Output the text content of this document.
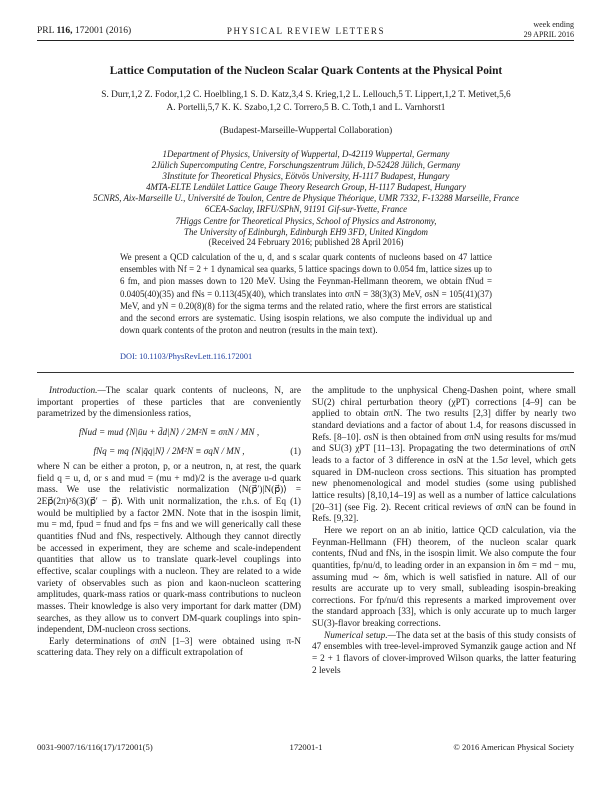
PRL 116, 172001 (2016)	PHYSICAL REVIEW LETTERS
week ending
29 APRIL 2016
Lattice Computation of the Nucleon Scalar Quark Contents at the Physical Point
S. Durr,1,2 Z. Fodor,1,2 C. Hoelbling,1 S. D. Katz,3,4 S. Krieg,1,2 L. Lellouch,5 T. Lippert,1,2 T. Metivet,5,6
A. Portelli,5,7 K. K. Szabo,1,2 C. Torrero,5 B. C. Toth,1 and L. Varnhorst1
(Budapest-Marseille-Wuppertal Collaboration)
1Department of Physics, University of Wuppertal, D-42119 Wuppertal, Germany
2Jülich Supercomputing Centre, Forschungszentrum Jülich, D-52428 Jülich, Germany
3Institute for Theoretical Physics, Eötvös University, H-1117 Budapest, Hungary
4MTA-ELTE Lendület Lattice Gauge Theory Research Group, H-1117 Budapest, Hungary
5CNRS, Aix-Marseille U., Université de Toulon, Centre de Physique Théorique, UMR 7332, F-13288 Marseille, France
6CEA-Saclay, IRFU/SPhN, 91191 Gif-sur-Yvette, France
7Higgs Centre for Theoretical Physics, School of Physics and Astronomy,
The University of Edinburgh, Edinburgh EH9 3FD, United Kingdom
(Received 24 February 2016; published 28 April 2016)
We present a QCD calculation of the u, d, and s scalar quark contents of nucleons based on 47 lattice ensembles with Nf = 2 + 1 dynamical sea quarks, 5 lattice spacings down to 0.054 fm, lattice sizes up to 6 fm, and pion masses down to 120 MeV. Using the Feynman-Hellmann theorem, we obtain fNud = 0.0405(40)(35) and fNs = 0.113(45)(40), which translates into σπN = 38(3)(3) MeV, σsN = 105(41)(37) MeV, and yN = 0.20(8)(8) for the sigma terms and the related ratio, where the first errors are statistical and the second errors are systematic. Using isospin relations, we also compute the individual up and down quark contents of the proton and neutron (results in the main text).
DOI: 10.1103/PhysRevLett.116.172001

Introduction.—The scalar quark contents of nucleons, N, are important properties of these particles that are conveniently parametrized by the dimensionless ratios,

fNud = mud ⟨N|ūu + d̄d|N⟩ / 2M²N ≡ σπN / MN ,
fNq = mq ⟨N|q̄q|N⟩ / 2M²N ≡ σqN / MN ,	(1)

where N can be either a proton, p, or a neutron, n, at rest, the quark field q = u, d, or s and mud = (mu + md)/2 is the average u-d quark mass. We use the relativistic normalization ⟨N(p⃗′)|N(p⃗)⟩ = 2Ep⃗(2π)³δ(3)(p⃗′ − p⃗). With unit normalization, the r.h.s. of Eq (1) would be multiplied by a factor 2MN. Note that in the isospin limit, mu = md, fpud = fnud and fps = fns and we will generically call these quantities fNud and fNs, respectively. Although they cannot directly be accessed in experiment, they are scheme and scale-independent quantities that allow us to translate quark-level couplings into effective, scalar couplings with a nucleon. They are related to a wide variety of observables such as pion and kaon-nucleon scattering amplitudes, quark-mass ratios or quark-mass contributions to nucleon masses. Their knowledge is also very important for dark matter (DM) searches, as they allow us to convert DM-quark couplings into spin-independent, DM-nucleon cross sections.

Early determinations of σπN [1–3] were obtained using π-N scattering data. They rely on a difficult extrapolation of

the amplitude to the unphysical Cheng-Dashen point, where small SU(2) chiral perturbation theory (χPT) corrections [4–9] can be applied to obtain σπN. The two results [2,3] differ by nearly two standard deviations and a factor of about 1.4, for reasons discussed in Refs. [8–10]. σsN is then obtained from σπN using results for ms/mud and SU(3) χPT [11–13]. Propagating the two determinations of σπN leads to a factor of 3 difference in σsN at the 1.5σ level, which gets squared in DM-nucleon cross sections. This situation has prompted new phenomenological and model studies (some using published lattice results) [8,10,14–19] as well as a number of lattice calculations [20–31] (see Fig. 2). Recent critical reviews of σπN can be found in Refs. [9,32].

Here we report on an ab initio, lattice QCD calculation, via the Feynman-Hellmann (FH) theorem, of the nucleon scalar quark contents, fNud and fNs, in the isospin limit. We also compute the four quantities, fp/nu/d, to leading order in an expansion in δm = md − mu, assuming mud ∼ δm, which is well satisfied in nature. All of our results are accurate up to very small, subleading isospin-breaking corrections. For fp/nu/d this represents a marked improvement over the standard approach [33], which is only accurate up to much larger SU(3)-flavor breaking corrections.

Numerical setup.—The data set at the basis of this study consists of 47 ensembles with tree-level-improved Symanzik gauge action and Nf = 2 + 1 flavors of clover-improved Wilson quarks, the latter featuring 2 levels

0031-9007/16/116(17)/172001(5)	172001-1	© 2016 American Physical Society
